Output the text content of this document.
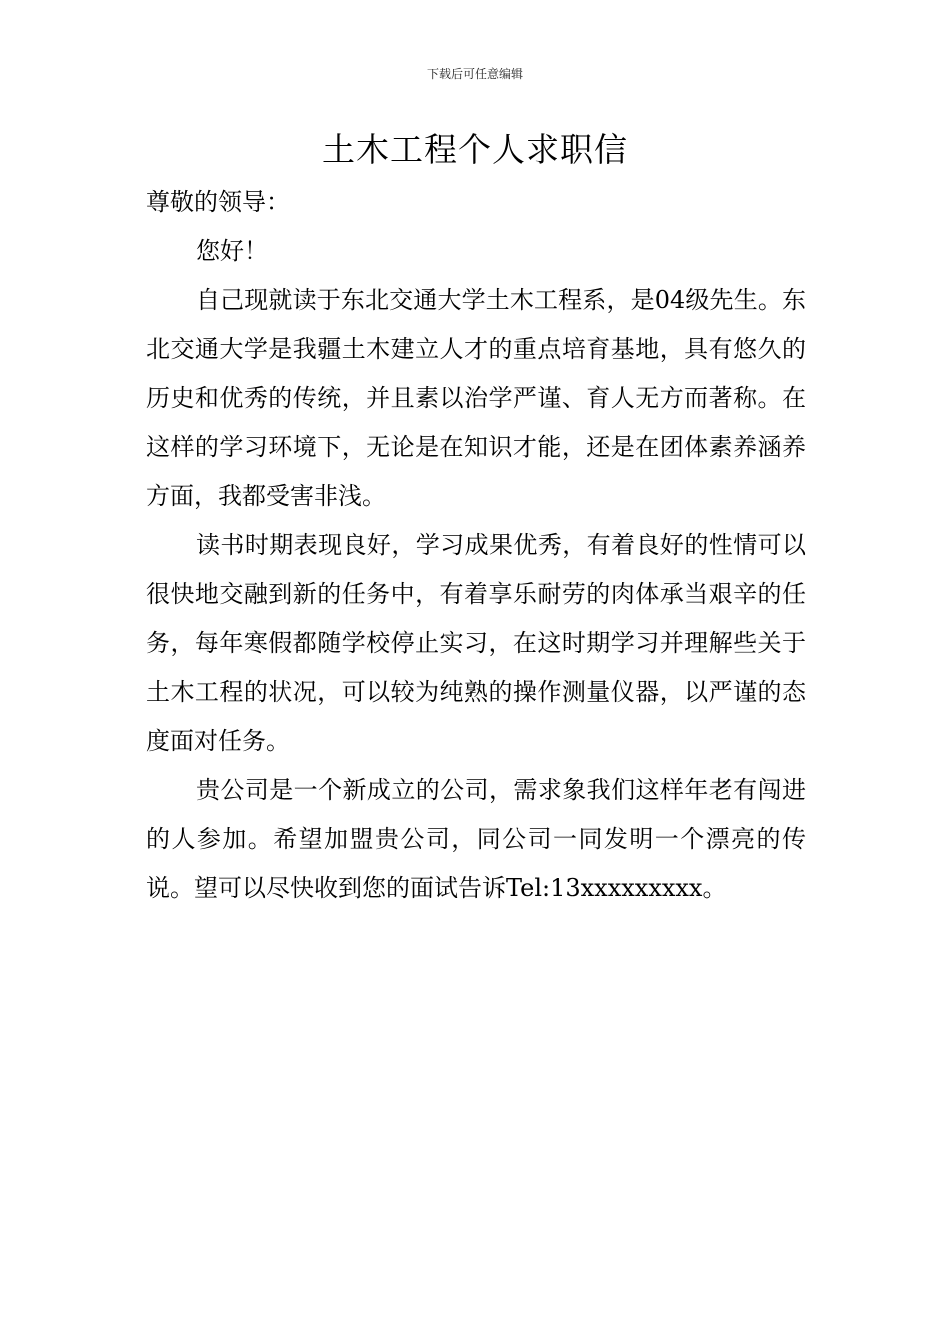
下载后可任意编辑
土木工程个人求职信

尊敬的领导：

您好！

自己现就读于东北交通大学土木工程系，是04级先生。东北交通大学是我疆土木建立人才的重点培育基地，具有悠久的历史和优秀的传统，并且素以治学严谨、育人无方而著称。在这样的学习环境下，无论是在知识才能，还是在团体素养涵养方面，我都受害非浅。

读书时期表现良好，学习成果优秀，有着良好的性情可以很快地交融到新的任务中，有着享乐耐劳的肉体承当艰辛的任务，每年寒假都随学校停止实习，在这时期学习并理解些关于土木工程的状况，可以较为纯熟的操作测量仪器，以严谨的态度面对任务。

贵公司是一个新成立的公司，需求象我们这样年老有闯进的人参加。希望加盟贵公司，同公司一同发明一个漂亮的传说。望可以尽快收到您的面试告诉Tel:13xxxxxxxxx。
